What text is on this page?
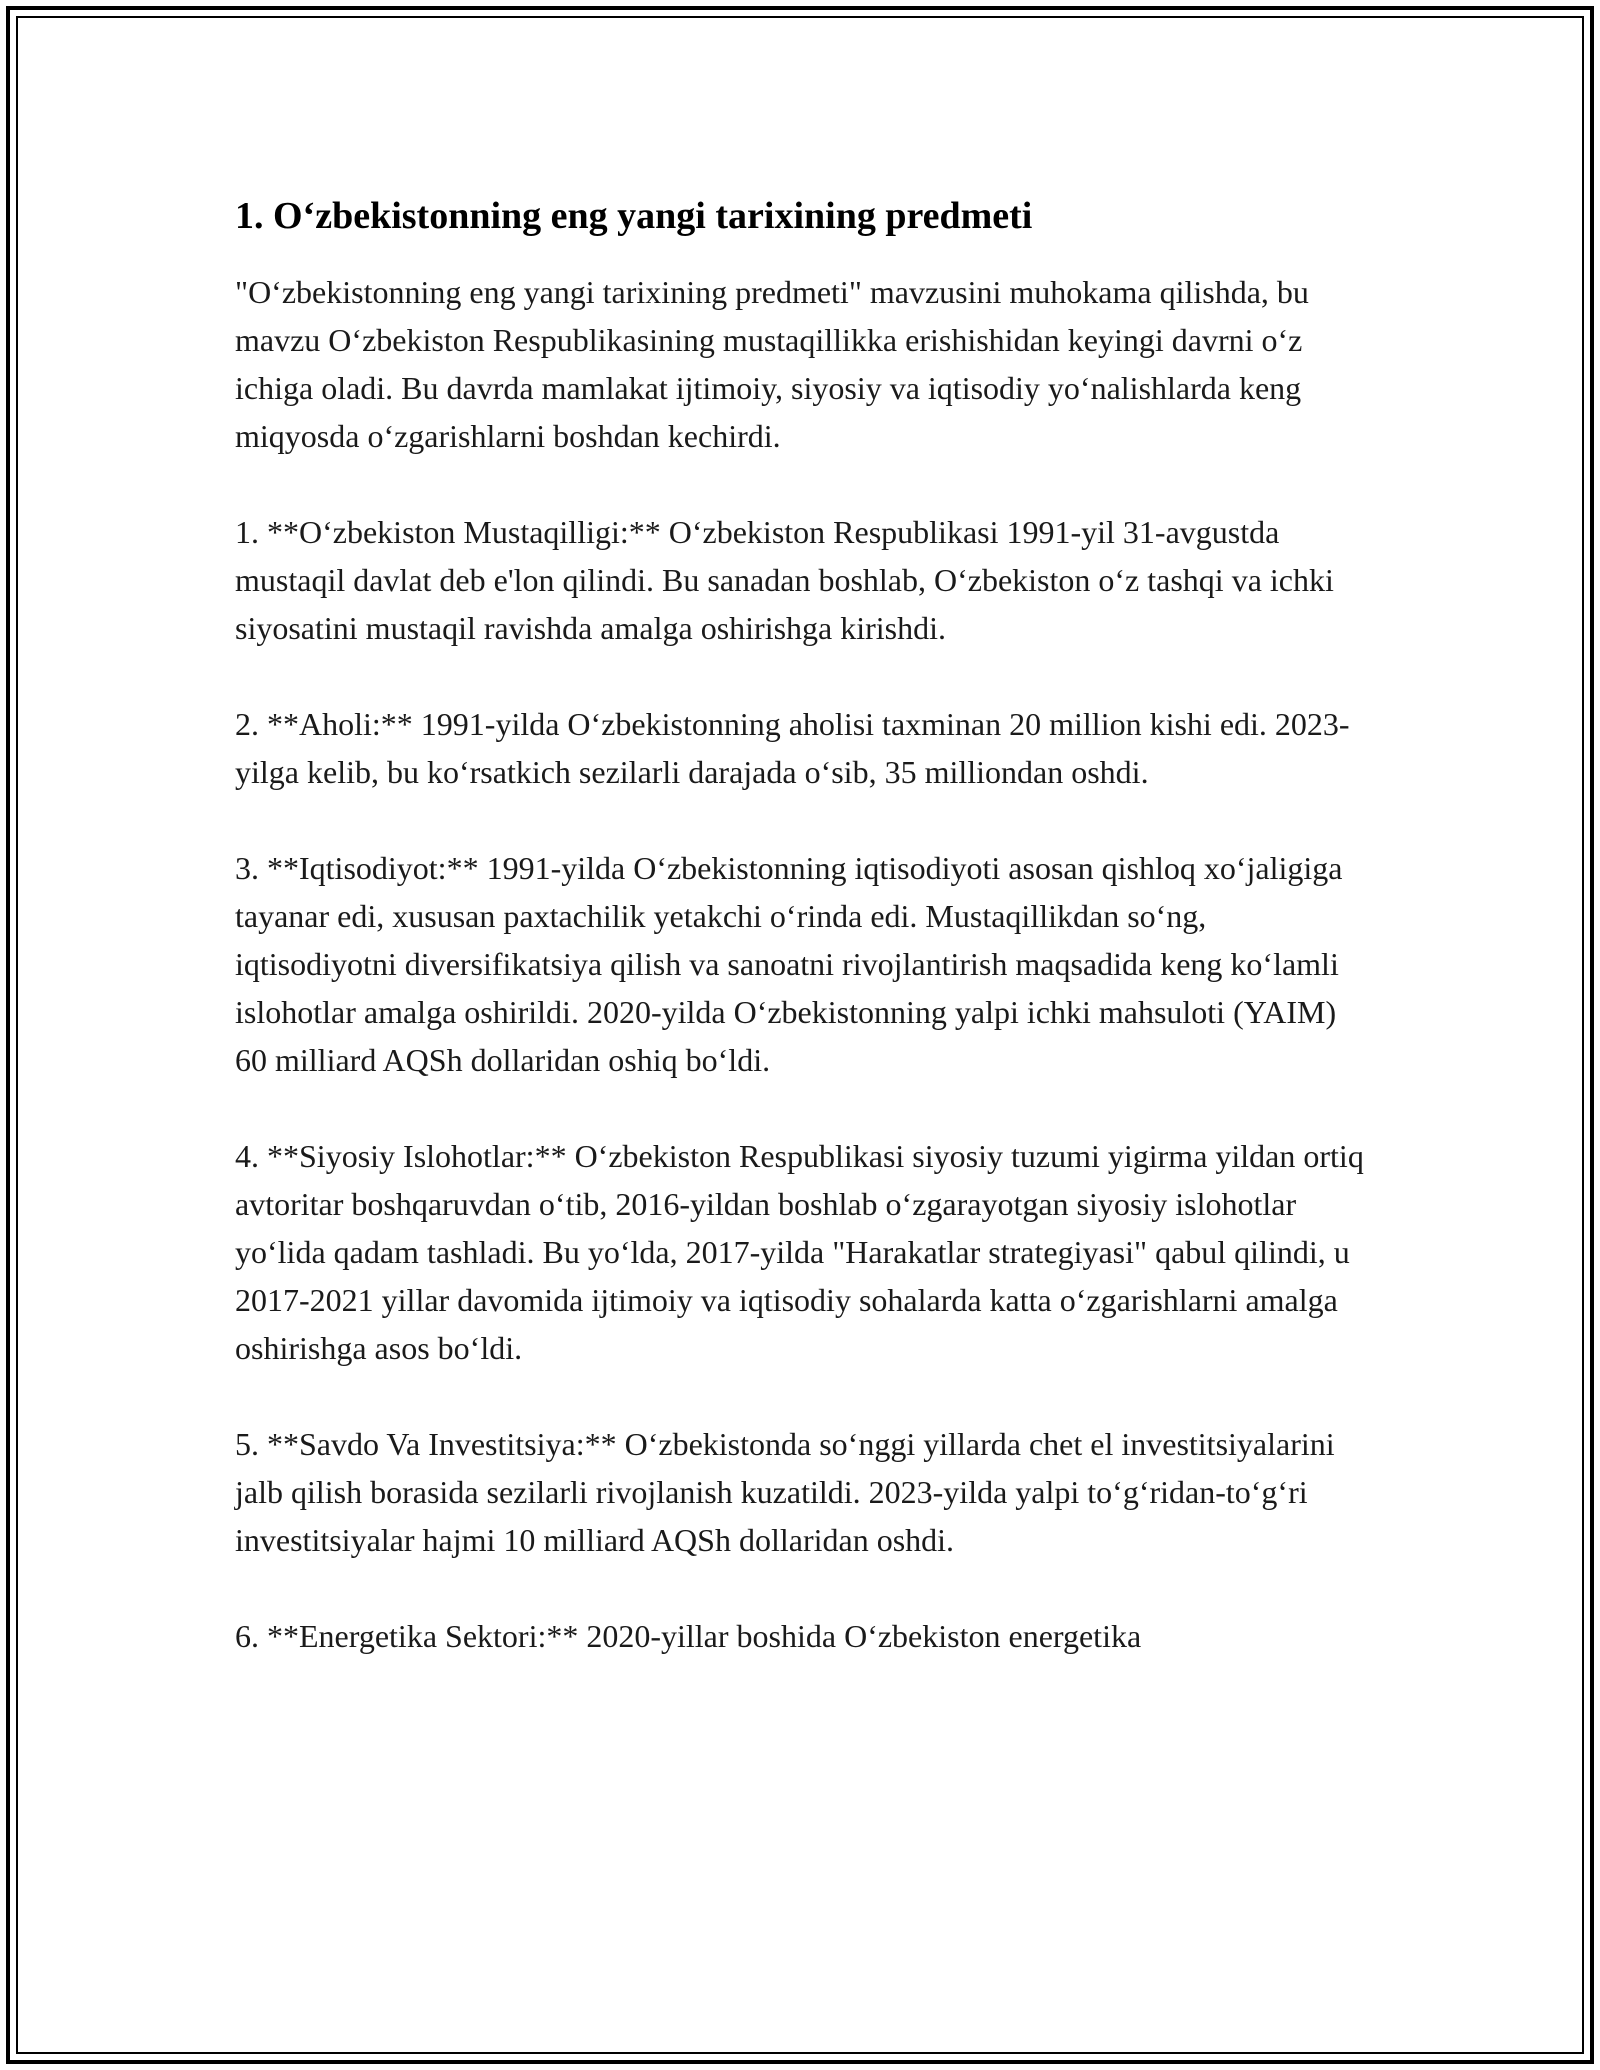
1. O‘zbekistonning eng yangi tarixining predmeti

"O‘zbekistonning eng yangi tarixining predmeti" mavzusini muhokama qilishda, bu mavzu O‘zbekiston Respublikasining mustaqillikka erishishidan keyingi davrni o‘z ichiga oladi. Bu davrda mamlakat ijtimoiy, siyosiy va iqtisodiy yo‘nalishlarda keng miqyosda o‘zgarishlarni boshdan kechirdi.

1. **O‘zbekiston Mustaqilligi:** O‘zbekiston Respublikasi 1991-yil 31-avgustda mustaqil davlat deb e'lon qilindi. Bu sanadan boshlab, O‘zbekiston o‘z tashqi va ichki siyosatini mustaqil ravishda amalga oshirishga kirishdi.

2. **Aholi:** 1991-yilda O‘zbekistonning aholisi taxminan 20 million kishi edi. 2023-yilga kelib, bu ko‘rsatkich sezilarli darajada o‘sib, 35 milliondan oshdi.

3. **Iqtisodiyot:** 1991-yilda O‘zbekistonning iqtisodiyoti asosan qishloq xo‘jaligiga tayanar edi, xususan paxtachilik yetakchi o‘rinda edi. Mustaqillikdan so‘ng, iqtisodiyotni diversifikatsiya qilish va sanoatni rivojlantirish maqsadida keng ko‘lamli islohotlar amalga oshirildi. 2020-yilda O‘zbekistonning yalpi ichki mahsuloti (YAIM) 60 milliard AQSh dollaridan oshiq bo‘ldi.

4. **Siyosiy Islohotlar:** O‘zbekiston Respublikasi siyosiy tuzumi yigirma yildan ortiq avtoritar boshqaruvdan o‘tib, 2016-yildan boshlab o‘zgarayotgan siyosiy islohotlar yo‘lida qadam tashladi. Bu yo‘lda, 2017-yilda "Harakatlar strategiyasi" qabul qilindi, u 2017-2021 yillar davomida ijtimoiy va iqtisodiy sohalarda katta o‘zgarishlarni amalga oshirishga asos bo‘ldi.

5. **Savdo Va Investitsiya:** O‘zbekistonda so‘nggi yillarda chet el investitsiyalarini jalb qilish borasida sezilarli rivojlanish kuzatildi. 2023-yilda yalpi to‘g‘ridan-to‘g‘ri investitsiyalar hajmi 10 milliard AQSh dollaridan oshdi.

6. **Energetika Sektori:** 2020-yillar boshida O‘zbekiston energetika
